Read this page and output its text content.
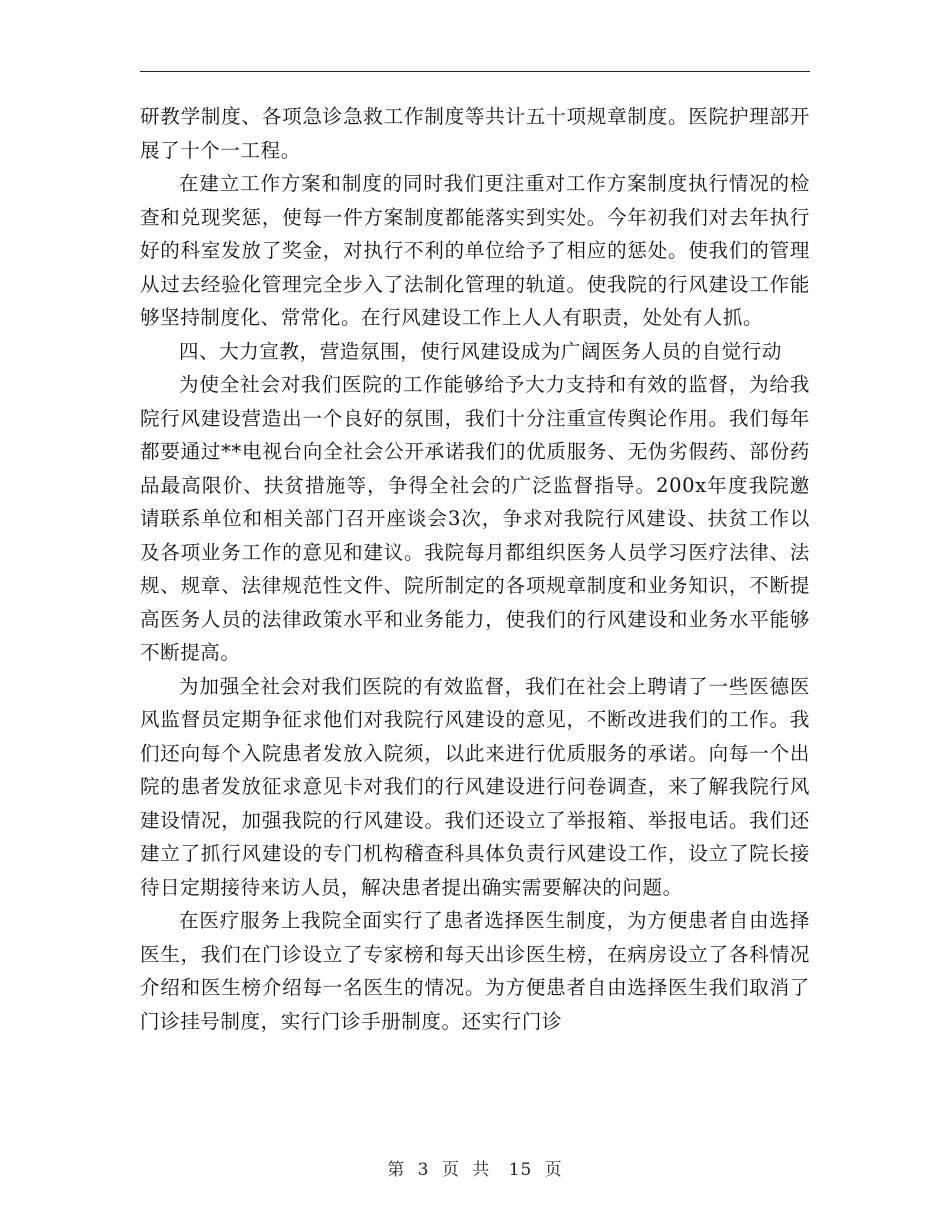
研教学制度、各项急诊急救工作制度等共计五十项规章制度。医院护理部开展了十个一工程。

在建立工作方案和制度的同时我们更注重对工作方案制度执行情况的检查和兑现奖惩，使每一件方案制度都能落实到实处。今年初我们对去年执行好的科室发放了奖金，对执行不利的单位给予了相应的惩处。使我们的管理从过去经验化管理完全步入了法制化管理的轨道。使我院的行风建设工作能够坚持制度化、常常化。在行风建设工作上人人有职责，处处有人抓。

四、大力宣教，营造氛围，使行风建设成为广阔医务人员的自觉行动

为使全社会对我们医院的工作能够给予大力支持和有效的监督，为给我院行风建设营造出一个良好的氛围，我们十分注重宣传舆论作用。我们每年都要通过**电视台向全社会公开承诺我们的优质服务、无伪劣假药、部份药品最高限价、扶贫措施等，争得全社会的广泛监督指导。200x年度我院邀请联系单位和相关部门召开座谈会3次，争求对我院行风建设、扶贫工作以及各项业务工作的意见和建议。我院每月都组织医务人员学习医疗法律、法规、规章、法律规范性文件、院所制定的各项规章制度和业务知识，不断提高医务人员的法律政策水平和业务能力，使我们的行风建设和业务水平能够不断提高。

为加强全社会对我们医院的有效监督，我们在社会上聘请了一些医德医风监督员定期争征求他们对我院行风建设的意见，不断改进我们的工作。我们还向每个入院患者发放入院须，以此来进行优质服务的承诺。向每一个出院的患者发放征求意见卡对我们的行风建设进行问卷调查，来了解我院行风建设情况，加强我院的行风建设。我们还设立了举报箱、举报电话。我们还建立了抓行风建设的专门机构稽查科具体负责行风建设工作，设立了院长接待日定期接待来访人员，解决患者提出确实需要解决的问题。

在医疗服务上我院全面实行了患者选择医生制度，为方便患者自由选择医生，我们在门诊设立了专家榜和每天出诊医生榜，在病房设立了各科情况介绍和医生榜介绍每一名医生的情况。为方便患者自由选择医生我们取消了门诊挂号制度，实行门诊手册制度。还实行门诊

第 3 页 共 15 页
